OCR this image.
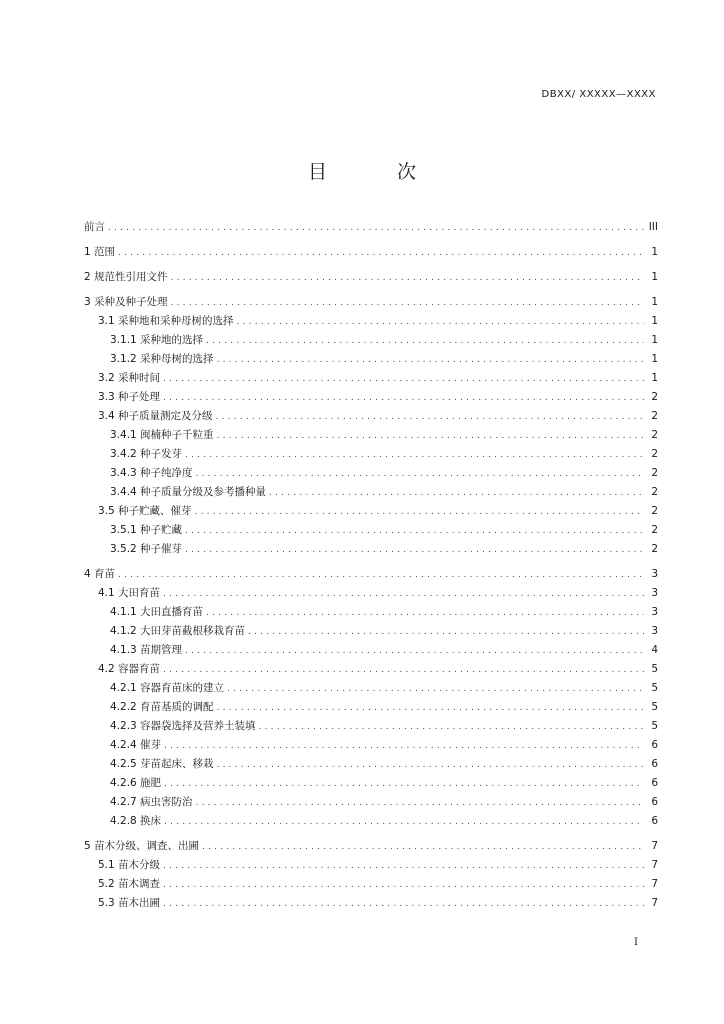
DBXX/ XXXXX—XXXX
目 次
前言 .....	III
1 范围 .....	1
2 规范性引用文件 .....	1
3 采种及种子处理 .....	1
3.1 采种地和采种母树的选择 .....	1
3.1.1 采种地的选择 .....	1
3.1.2 采种母树的选择 .....	1
3.2 采种时间 .....	1
3.3 种子处理 .....	2
3.4 种子质量测定及分级 .....	2
3.4.1 闽楠种子千粒重 .....	2
3.4.2 种子发芽 .....	2
3.4.3 种子纯净度 .....	2
3.4.4 种子质量分级及参考播种量 .....	2
3.5 种子贮藏、催芽 .....	2
3.5.1 种子贮藏 .....	2
3.5.2 种子催芽 .....	2
4 育苗 .....	3
4.1 大田育苗 .....	3
4.1.1 大田直播育苗 .....	3
4.1.2 大田芽苗截根移栽育苗 .....	3
4.1.3 苗期管理 .....	4
4.2 容器育苗 .....	5
4.2.1 容器育苗床的建立 .....	5
4.2.2 育苗基质的调配 .....	5
4.2.3 容器袋选择及营养土装填 .....	5
4.2.4 催芽 .....	6
4.2.5 芽苗起床、移栽 .....	6
4.2.6 施肥 .....	6
4.2.7 病虫害防治 .....	6
4.2.8 换床 .....	6
5 苗木分级、调查、出圃 .....	7
5.1 苗木分级 .....	7
5.2 苗木调查 .....	7
5.3 苗木出圃 .....	7
I
